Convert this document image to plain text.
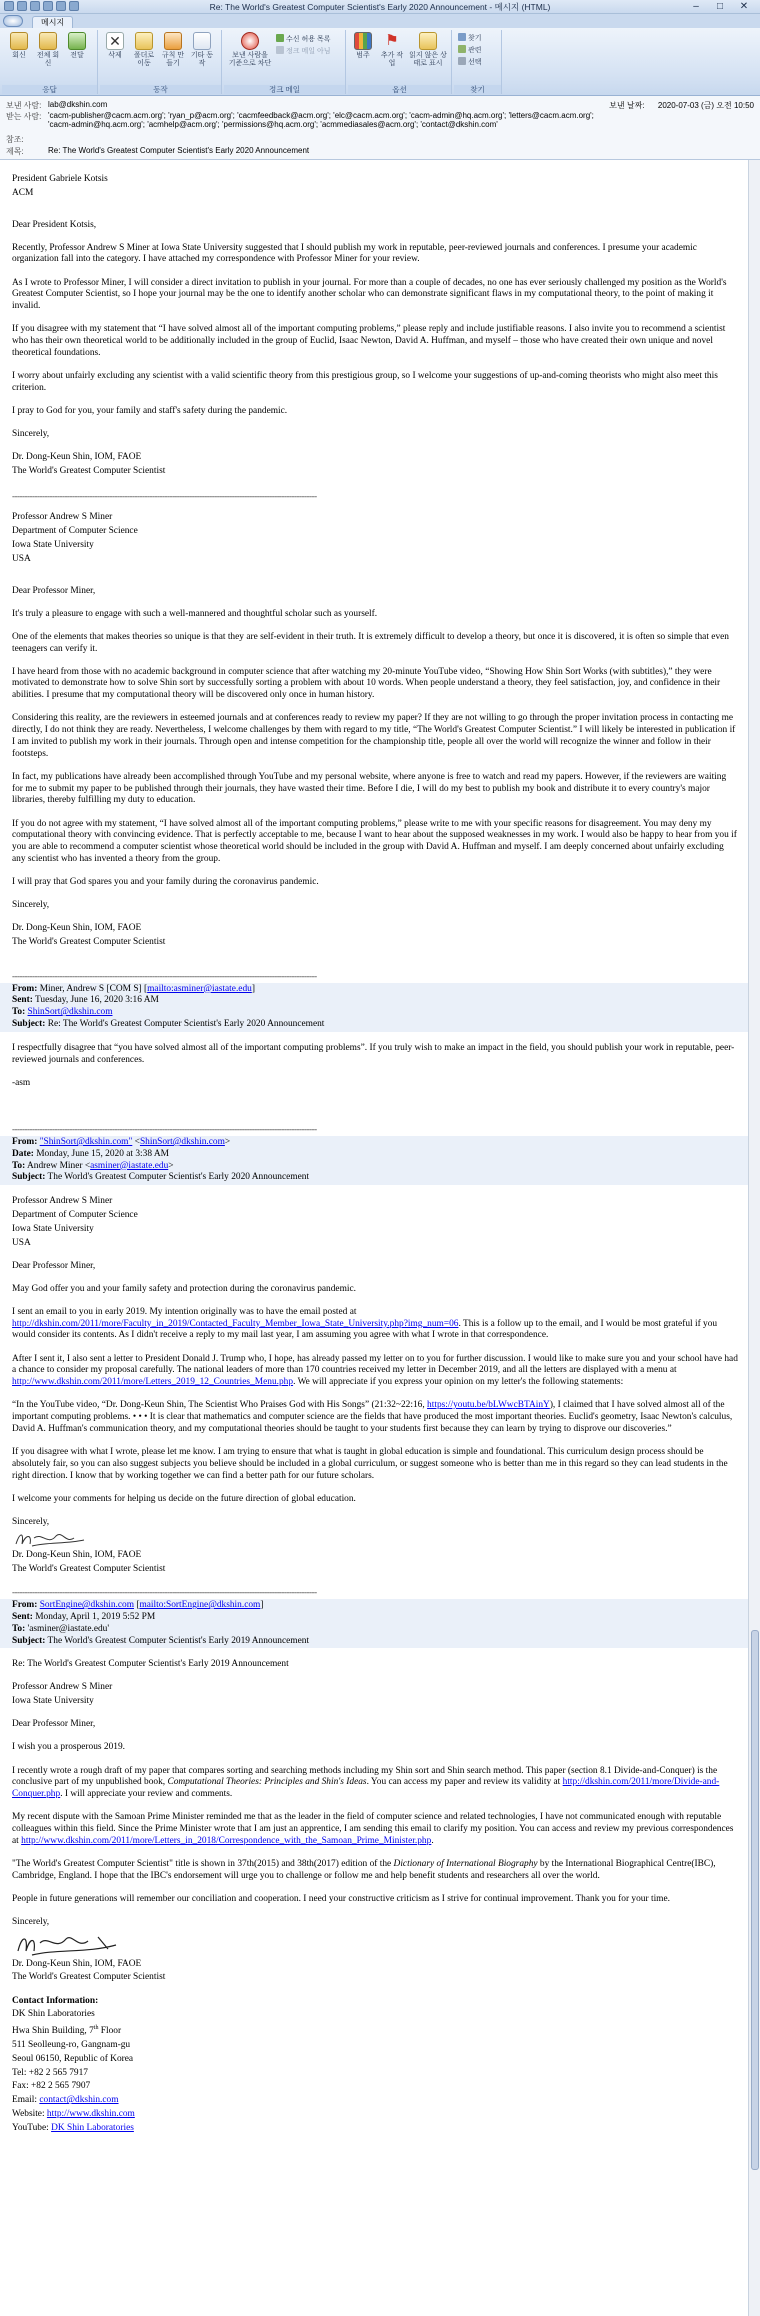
Re: The World's Greatest Computer Scientist's Early 2020 Announcement - 메시지 (HTML)	–	□	✕
메시지
회신	전체 회신
전달
응답
✕
삭제	폴더로 이동
규칙 만들기
기타 동작
동작
보낸 사람을 기준으로 차단
수신 허용 목록
정크 메일 아님
정크 메일
범주
⚑
추가 작업
읽지 않은 상태로 표시
옵션
찾기
관련
선택
찾기
보낸 사람: lab@dkshin.com	보낸 날짜: 2020-07-03 (금) 오전 10:50
받는 사람: 'cacm-publisher@cacm.acm.org'; 'ryan_p@acm.org'; 'cacmfeedback@acm.org'; 'elc@cacm.acm.org'; 'cacm-admin@hq.acm.org'; 'letters@cacm.acm.org';
'cacm-admin@hq.acm.org'; 'acmhelp@acm.org'; 'permissions@hq.acm.org'; 'acmmediasales@acm.org'; 'contact@dkshin.com'
참조:
제목:	Re: The World's Greatest Computer Scientist's Early 2020 Announcement

President Gabriele Kotsis
ACM

Dear President Kotsis,

Recently, Professor Andrew S Miner at Iowa State University suggested that I should publish my work in reputable, peer-reviewed journals and conferences. I presume your academic organization fall into the category. I have attached my correspondence with Professor Miner for your review.

As I wrote to Professor Miner, I will consider a direct invitation to publish in your journal. For more than a couple of decades, no one has ever seriously challenged my position as the World's Greatest Computer Scientist, so I hope your journal may be the one to identify another scholar who can demonstrate significant flaws in my computational theory, to the point of making it invalid.

If you disagree with my statement that “I have solved almost all of the important computing problems,” please reply and include justifiable reasons. I also invite you to recommend a scientist who has their own theoretical world to be additionally included in the group of Euclid, Isaac Newton, David A. Huffman, and myself – those who have created their own unique and novel theoretical foundations.

I worry about unfairly excluding any scientist with a valid scientific theory from this prestigious group, so I welcome your suggestions of up-and-coming theorists who might also meet this criterion.

I pray to God for you, your family and staff's safety during the pandemic.

Sincerely,

Dr. Dong-Keun Shin, IOM, FAOE
The World's Greatest Computer Scientist

--------------------------------------------------------------------------------------------------------------------------

Professor Andrew S Miner
Department of Computer Science
Iowa State University
USA

Dear Professor Miner,

It's truly a pleasure to engage with such a well-mannered and thoughtful scholar such as yourself.

One of the elements that makes theories so unique is that they are self-evident in their truth. It is extremely difficult to develop a theory, but once it is discovered, it is often so simple that even teenagers can verify it.

I have heard from those with no academic background in computer science that after watching my 20-minute YouTube video, “Showing How Shin Sort Works (with subtitles),” they were motivated to demonstrate how to solve Shin sort by successfully sorting a problem with about 10 words. When people understand a theory, they feel satisfaction, joy, and confidence in their abilities. I presume that my computational theory will be discovered only once in human history.

Considering this reality, are the reviewers in esteemed journals and at conferences ready to review my paper? If they are not willing to go through the proper invitation process in contacting me directly, I do not think they are ready. Nevertheless, I welcome challenges by them with regard to my title, “The World's Greatest Computer Scientist.” I will likely be interested in publication if I am invited to publish my work in their journals. Through open and intense competition for the championship title, people all over the world will recognize the winner and follow in their footsteps.

In fact, my publications have already been accomplished through YouTube and my personal website, where anyone is free to watch and read my papers. However, if the reviewers are waiting for me to submit my paper to be published through their journals, they have wasted their time. Before I die, I will do my best to publish my book and distribute it to every country's major libraries, thereby fulfilling my duty to education.

If you do not agree with my statement, “I have solved almost all of the important computing problems,” please write to me with your specific reasons for disagreement. You may deny my computational theory with convincing evidence. That is perfectly acceptable to me, because I want to hear about the supposed weaknesses in my work. I would also be happy to hear from you if you are able to recommend a computer scientist whose theoretical world should be included in the group with David A. Huffman and myself. I am deeply concerned about unfairly excluding any scientist who has invented a theory from the group.

I will pray that God spares you and your family during the coronavirus pandemic.

Sincerely,

Dr. Dong-Keun Shin, IOM, FAOE
The World's Greatest Computer Scientist

--------------------------------------------------------------------------------------------------------------------------
From: Miner, Andrew S [COM S] [mailto:asminer@iastate.edu]
Sent: Tuesday, June 16, 2020 3:16 AM
To: ShinSort@dkshin.com
Subject: Re: The World's Greatest Computer Scientist's Early 2020 Announcement

I respectfully disagree that “you have solved almost all of the important computing problems”. If you truly wish to make an impact in the field, you should publish your work in reputable, peer-reviewed journals and conferences.

-asm

--------------------------------------------------------------------------------------------------------------------------
From: "ShinSort@dkshin.com" <ShinSort@dkshin.com>
Date: Monday, June 15, 2020 at 3:38 AM
To: Andrew Miner <asminer@iastate.edu>
Subject: The World's Greatest Computer Scientist's Early 2020 Announcement

Professor Andrew S Miner
Department of Computer Science
Iowa State University
USA

Dear Professor Miner,

May God offer you and your family safety and protection during the coronavirus pandemic.

I sent an email to you in early 2019. My intention originally was to have the email posted at http://dkshin.com/2011/more/Faculty_in_2019/Contacted_Faculty_Member_Iowa_State_University.php?img_num=06. This is a follow up to the email, and I would be most grateful if you would consider its contents. As I didn't receive a reply to my mail last year, I am assuming you agree with what I wrote in that correspondence.

After I sent it, I also sent a letter to President Donald J. Trump who, I hope, has already passed my letter on to you for further discussion. I would like to make sure you and your school have had a chance to consider my proposal carefully. The national leaders of more than 170 countries received my letter in December 2019, and all the letters are displayed with a menu at http://www.dkshin.com/2011/more/Letters_2019_12_Countries_Menu.php. We will appreciate if you express your opinion on my letter's the following statements:

“In the YouTube video, “Dr. Dong-Keun Shin, The Scientist Who Praises God with His Songs” (21:32~22:16, https://youtu.be/bLWwcBTAinY), I claimed that I have solved almost all of the important computing problems. • • • It is clear that mathematics and computer science are the fields that have produced the most important theories. Euclid's geometry, Isaac Newton's calculus, David A. Huffman's communication theory, and my computational theories should be taught to your students first because they can learn by trying to disprove our discoveries.”

If you disagree with what I wrote, please let me know. I am trying to ensure that what is taught in global education is simple and foundational. This curriculum design process should be absolutely fair, so you can also suggest subjects you believe should be included in a global curriculum, or suggest someone who is better than me in this regard so they can lead students in the right direction. I know that by working together we can find a better path for our future scholars.

I welcome your comments for helping us decide on the future direction of global education.

Sincerely,

Dr. Dong-Keun Shin, IOM, FAOE
The World's Greatest Computer Scientist

--------------------------------------------------------------------------------------------------------------------------
From: SortEngine@dkshin.com [mailto:SortEngine@dkshin.com]
Sent: Monday, April 1, 2019 5:52 PM
To: 'asminer@iastate.edu'
Subject: The World's Greatest Computer Scientist's Early 2019 Announcement

Re: The World's Greatest Computer Scientist's Early 2019 Announcement

Professor Andrew S Miner
Iowa State University

Dear Professor Miner,

I wish you a prosperous 2019.

I recently wrote a rough draft of my paper that compares sorting and searching methods including my Shin sort and Shin search method. This paper (section 8.1 Divide-and-Conquer) is the conclusive part of my unpublished book, Computational Theories: Principles and Shin's Ideas. You can access my paper and review its validity at http://dkshin.com/2011/more/Divide-and-Conquer.php. I will appreciate your review and comments.

My recent dispute with the Samoan Prime Minister reminded me that as the leader in the field of computer science and related technologies, I have not communicated enough with reputable colleagues within this field. Since the Prime Minister wrote that I am just an apprentice, I am sending this email to clarify my position. You can access and review my previous correspondences at http://www.dkshin.com/2011/more/Letters_in_2018/Correspondence_with_the_Samoan_Prime_Minister.php.

"The World's Greatest Computer Scientist" title is shown in 37th(2015) and 38th(2017) edition of the Dictionary of International Biography by the International Biographical Centre(IBC), Cambridge, England. I hope that the IBC's endorsement will urge you to challenge or follow me and help benefit students and researchers all over the world.

People in future generations will remember our conciliation and cooperation. I need your constructive criticism as I strive for continual improvement. Thank you for your time.

Sincerely,

Dr. Dong-Keun Shin, IOM, FAOE
The World's Greatest Computer Scientist

Contact Information:
DK Shin Laboratories
Hwa Shin Building, 7th Floor
511 Seolleung-ro, Gangnam-gu
Seoul 06150, Republic of Korea
Tel: +82 2 565 7917
Fax: +82 2 565 7907
Email: contact@dkshin.com
Website: http://www.dkshin.com
YouTube: DK Shin Laboratories
